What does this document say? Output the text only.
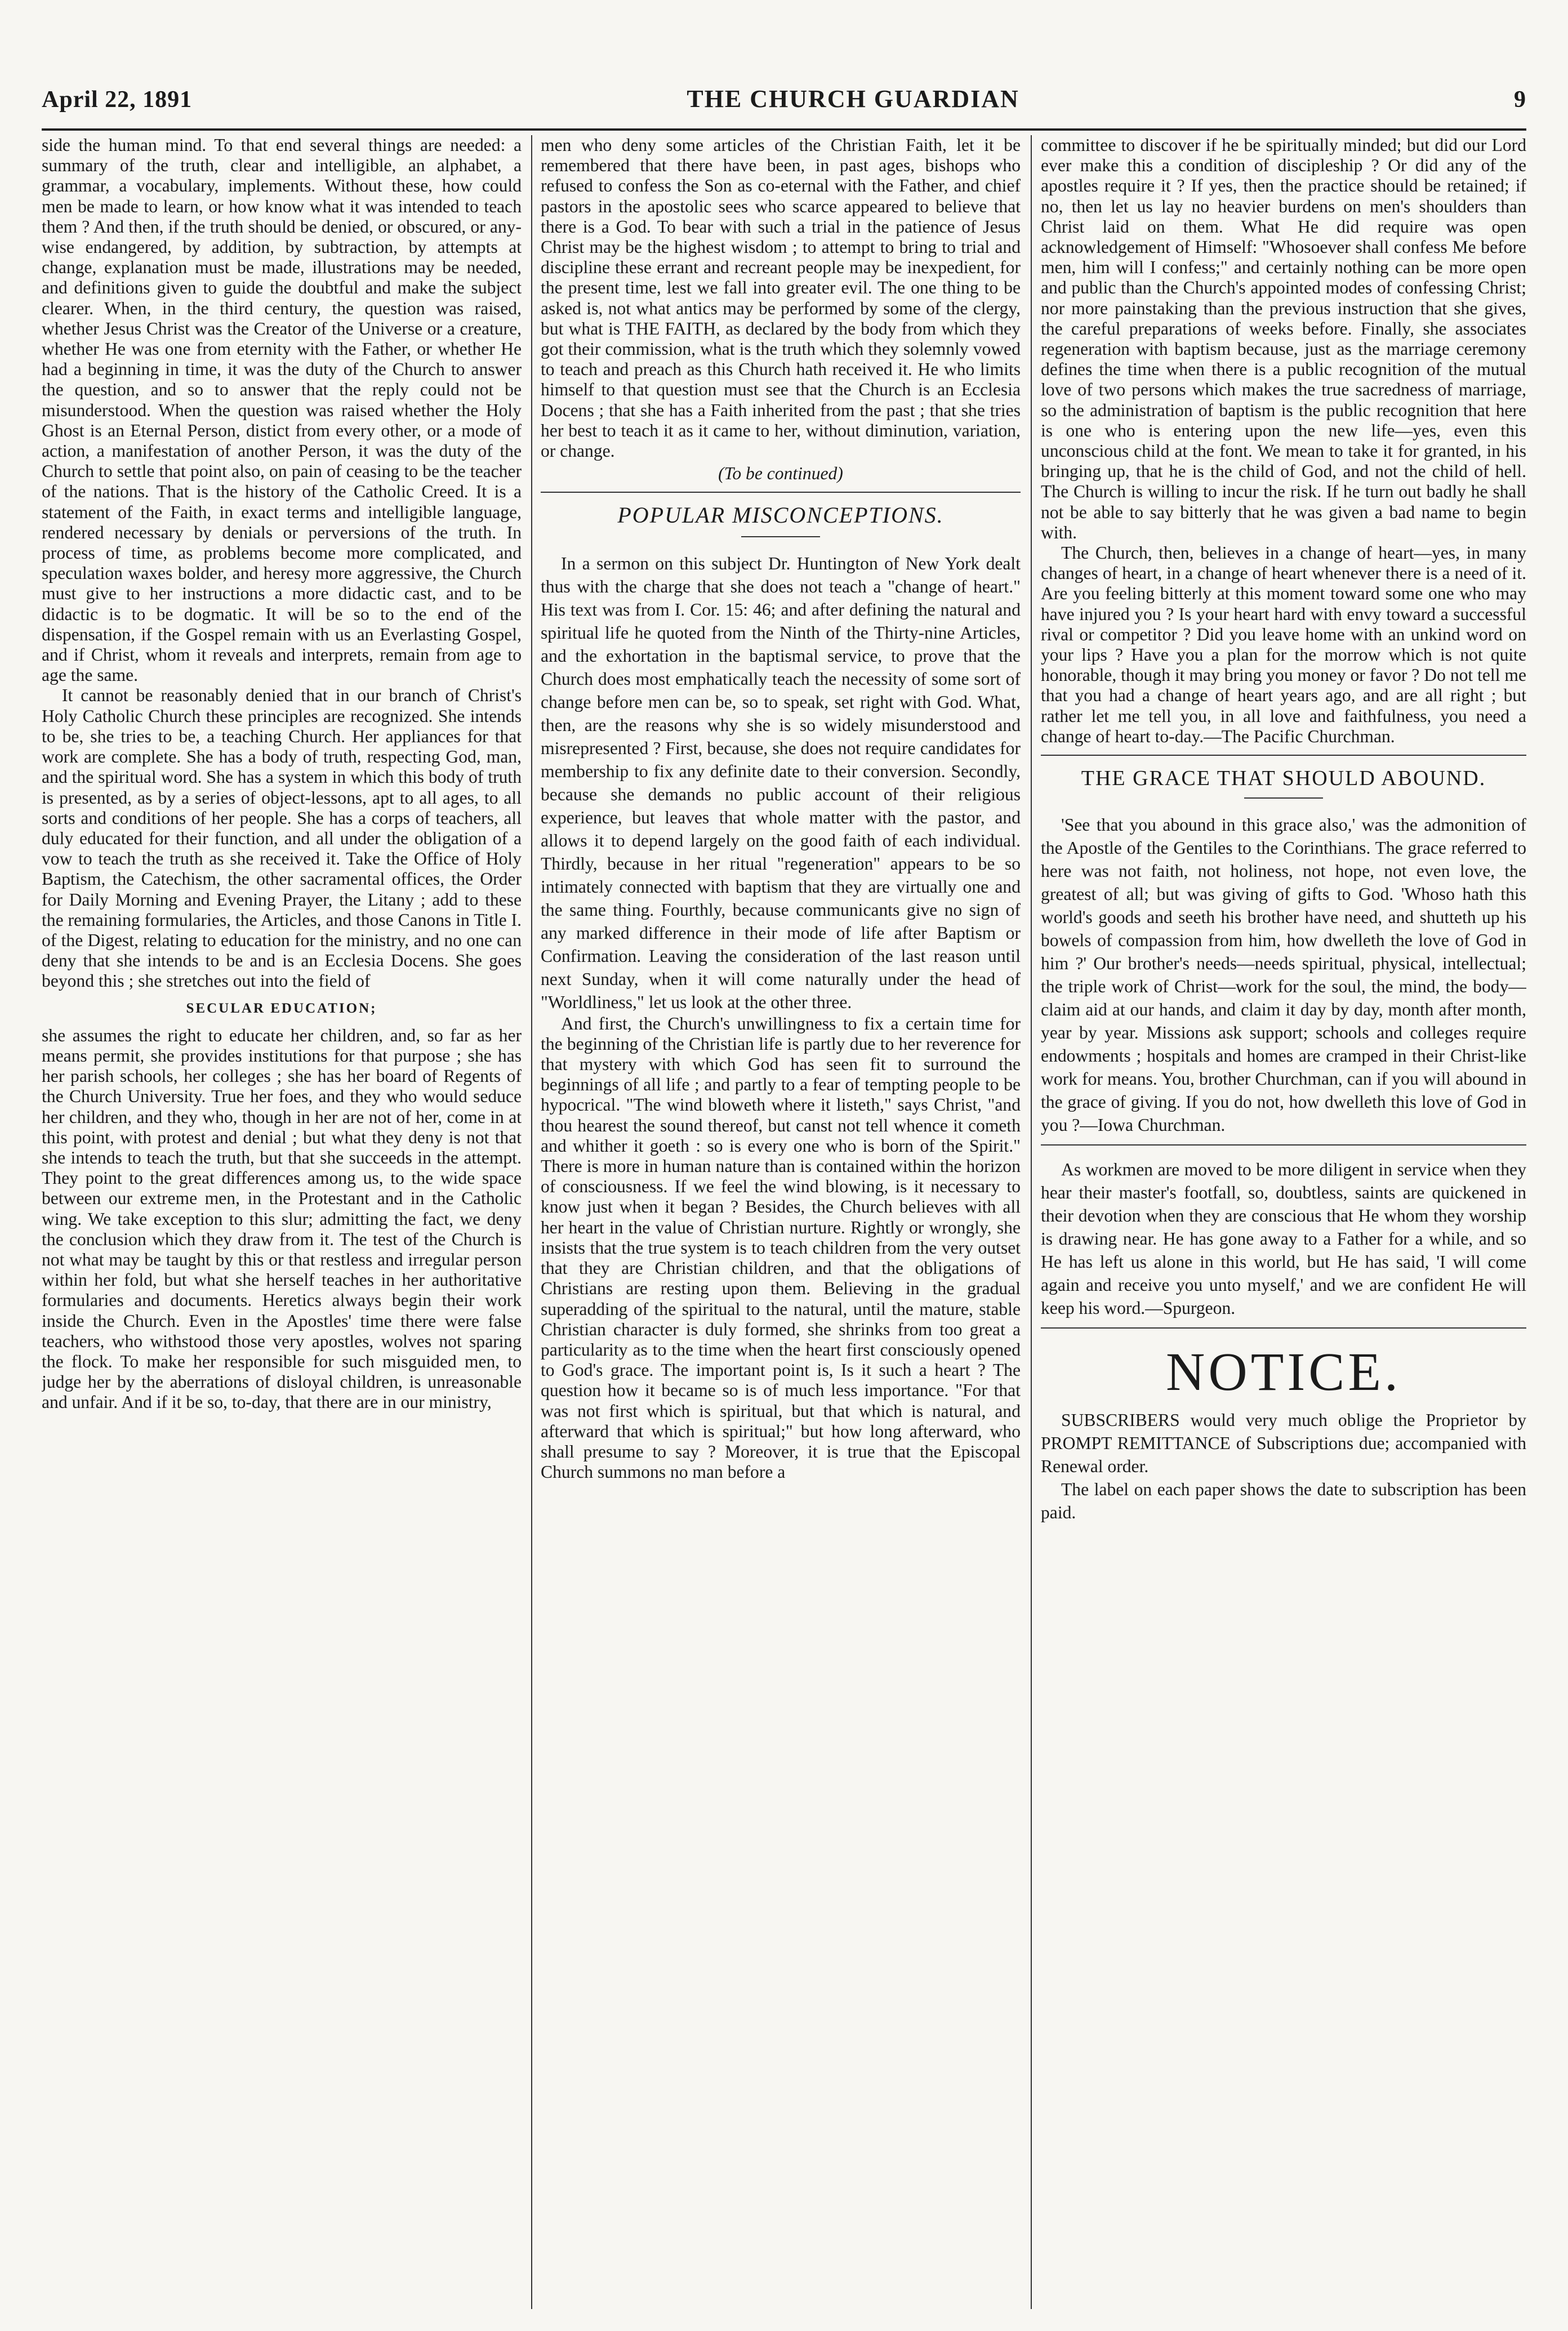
April 22, 1891	THE CHURCH GUARDIAN	9

side the human mind. To that end several things are needed: a summary of the truth, clear and intelligible, an alphabet, a grammar, a vocabulary, implements. Without these, how could men be made to learn, or how know what it was intended to teach them ? And then, if the truth should be denied, or obscured, or any-wise endangered, by addition, by subtraction, by attempts at change, explanation must be made, illustrations may be needed, and definitions given to guide the doubtful and make the subject clearer. When, in the third century, the question was raised, whether Jesus Christ was the Creator of the Universe or a creature, whether He was one from eternity with the Father, or whether He had a beginning in time, it was the duty of the Church to answer the question, and so to answer that the reply could not be misunderstood. When the question was raised whether the Holy Ghost is an Eternal Person, distict from every other, or a mode of action, a manifestation of another Person, it was the duty of the Church to settle that point also, on pain of ceasing to be the teacher of the nations. That is the history of the Catholic Creed. It is a statement of the Faith, in exact terms and intelligible language, rendered necessary by denials or perversions of the truth. In process of time, as problems become more complicated, and speculation waxes bolder, and heresy more aggressive, the Church must give to her instructions a more didactic cast, and to be didactic is to be dogmatic. It will be so to the end of the dispensation, if the Gospel remain with us an Everlasting Gospel, and if Christ, whom it reveals and interprets, remain from age to age the same.

It cannot be reasonably denied that in our branch of Christ's Holy Catholic Church these principles are recognized. She intends to be, she tries to be, a teaching Church. Her appliances for that work are complete. She has a body of truth, respecting God, man, and the spiritual word. She has a system in which this body of truth is presented, as by a series of object-lessons, apt to all ages, to all sorts and conditions of her people. She has a corps of teachers, all duly educated for their function, and all under the obligation of a vow to teach the truth as she received it. Take the Office of Holy Baptism, the Catechism, the other sacramental offices, the Order for Daily Morning and Evening Prayer, the Litany ; add to these the remaining formularies, the Articles, and those Canons in Title I. of the Digest, relating to education for the ministry, and no one can deny that she intends to be and is an Ecclesia Docens. She goes beyond this ; she stretches out into the field of

SECULAR EDUCATION;

she assumes the right to educate her children, and, so far as her means permit, she provides institutions for that purpose ; she has her parish schools, her colleges ; she has her board of Regents of the Church University. True her foes, and they who would seduce her children, and they who, though in her are not of her, come in at this point, with protest and denial ; but what they deny is not that she intends to teach the truth, but that she succeeds in the attempt. They point to the great differences among us, to the wide space between our extreme men, in the Protestant and in the Catholic wing. We take exception to this slur; admitting the fact, we deny the conclusion which they draw from it. The test of the Church is not what may be taught by this or that restless and irregular person within her fold, but what she herself teaches in her authoritative formularies and documents. Heretics always begin their work inside the Church. Even in the Apostles' time there were false teachers, who withstood those very apostles, wolves not sparing the flock. To make her responsible for such misguided men, to judge her by the aberrations of disloyal children, is unreasonable and unfair. And if it be so, to-day, that there are in our ministry,

men who deny some articles of the Christian Faith, let it be remembered that there have been, in past ages, bishops who refused to confess the Son as co-eternal with the Father, and chief pastors in the apostolic sees who scarce appeared to believe that there is a God. To bear with such a trial in the patience of Jesus Christ may be the highest wisdom ; to attempt to bring to trial and discipline these errant and recreant people may be inexpedient, for the present time, lest we fall into greater evil. The one thing to be asked is, not what antics may be performed by some of the clergy, but what is THE FAITH, as declared by the body from which they got their commission, what is the truth which they solemnly vowed to teach and preach as this Church hath received it. He who limits himself to that question must see that the Church is an Ecclesia Docens ; that she has a Faith inherited from the past ; that she tries her best to teach it as it came to her, without diminution, variation, or change.

(To be continued)
POPULAR MISCONCEPTIONS.

In a sermon on this subject Dr. Huntington of New York dealt thus with the charge that she does not teach a "change of heart." His text was from I. Cor. 15: 46; and after defining the natural and spiritual life he quoted from the Ninth of the Thirty-nine Articles, and the exhortation in the baptismal service, to prove that the Church does most emphatically teach the necessity of some sort of change before men can be, so to speak, set right with God. What, then, are the reasons why she is so widely misunderstood and misrepresented ? First, because, she does not require candidates for membership to fix any definite date to their conversion. Secondly, because she demands no public account of their religious experience, but leaves that whole matter with the pastor, and allows it to depend largely on the good faith of each individual. Thirdly, because in her ritual "regeneration" appears to be so intimately connected with baptism that they are virtually one and the same thing. Fourthly, because communicants give no sign of any marked difference in their mode of life after Baptism or Confirmation. Leaving the consideration of the last reason until next Sunday, when it will come naturally under the head of "Worldliness," let us look at the other three.

And first, the Church's unwillingness to fix a certain time for the beginning of the Christian life is partly due to her reverence for that mystery with which God has seen fit to surround the beginnings of all life ; and partly to a fear of tempting people to be hypocrical. "The wind bloweth where it listeth," says Christ, "and thou hearest the sound thereof, but canst not tell whence it cometh and whither it goeth : so is every one who is born of the Spirit." There is more in human nature than is contained within the horizon of consciousness. If we feel the wind blowing, is it necessary to know just when it began ? Besides, the Church believes with all her heart in the value of Christian nurture. Rightly or wrongly, she insists that the true system is to teach children from the very outset that they are Christian children, and that the obligations of Christians are resting upon them. Believing in the gradual superadding of the spiritual to the natural, until the mature, stable Christian character is duly formed, she shrinks from too great a particularity as to the time when the heart first consciously opened to God's grace. The important point is, Is it such a heart ? The question how it became so is of much less importance. "For that was not first which is spiritual, but that which is natural, and afterward that which is spiritual;" but how long afterward, who shall presume to say ? Moreover, it is true that the Episcopal Church summons no man before a

committee to discover if he be spiritually minded; but did our Lord ever make this a condition of discipleship ? Or did any of the apostles require it ? If yes, then the practice should be retained; if no, then let us lay no heavier burdens on men's shoulders than Christ laid on them. What He did require was open acknowledgement of Himself: "Whosoever shall confess Me before men, him will I confess;" and certainly nothing can be more open and public than the Church's appointed modes of confessing Christ; nor more painstaking than the previous instruction that she gives, the careful preparations of weeks before. Finally, she associates regeneration with baptism because, just as the marriage ceremony defines the time when there is a public recognition of the mutual love of two persons which makes the true sacredness of marriage, so the administration of baptism is the public recognition that here is one who is entering upon the new life—yes, even this unconscious child at the font. We mean to take it for granted, in his bringing up, that he is the child of God, and not the child of hell. The Church is willing to incur the risk. If he turn out badly he shall not be able to say bitterly that he was given a bad name to begin with.

The Church, then, believes in a change of heart—yes, in many changes of heart, in a change of heart whenever there is a need of it. Are you feeling bitterly at this moment toward some one who may have injured you ? Is your heart hard with envy toward a successful rival or competitor ? Did you leave home with an unkind word on your lips ? Have you a plan for the morrow which is not quite honorable, though it may bring you money or favor ? Do not tell me that you had a change of heart years ago, and are all right ; but rather let me tell you, in all love and faithfulness, you need a change of heart to-day.—The Pacific Churchman.

THE GRACE THAT SHOULD ABOUND.

'See that you abound in this grace also,' was the admonition of the Apostle of the Gentiles to the Corinthians. The grace referred to here was not faith, not holiness, not hope, not even love, the greatest of all; but was giving of gifts to God. 'Whoso hath this world's goods and seeth his brother have need, and shutteth up his bowels of compassion from him, how dwelleth the love of God in him ?' Our brother's needs—needs spiritual, physical, intellectual; the triple work of Christ—work for the soul, the mind, the body—claim aid at our hands, and claim it day by day, month after month, year by year. Missions ask support; schools and colleges require endowments ; hospitals and homes are cramped in their Christ-like work for means. You, brother Churchman, can if you will abound in the grace of giving. If you do not, how dwelleth this love of God in you ?—Iowa Churchman.

As workmen are moved to be more diligent in service when they hear their master's footfall, so, doubtless, saints are quickened in their devotion when they are conscious that He whom they worship is drawing near. He has gone away to a Father for a while, and so He has left us alone in this world, but He has said, 'I will come again and receive you unto myself,' and we are confident He will keep his word.—Spurgeon.

NOTICE.

SUBSCRIBERS would very much oblige the Proprietor by PROMPT REMITTANCE of Subscriptions due; accompanied with Renewal order.

The label on each paper shows the date to subscription has been paid.
